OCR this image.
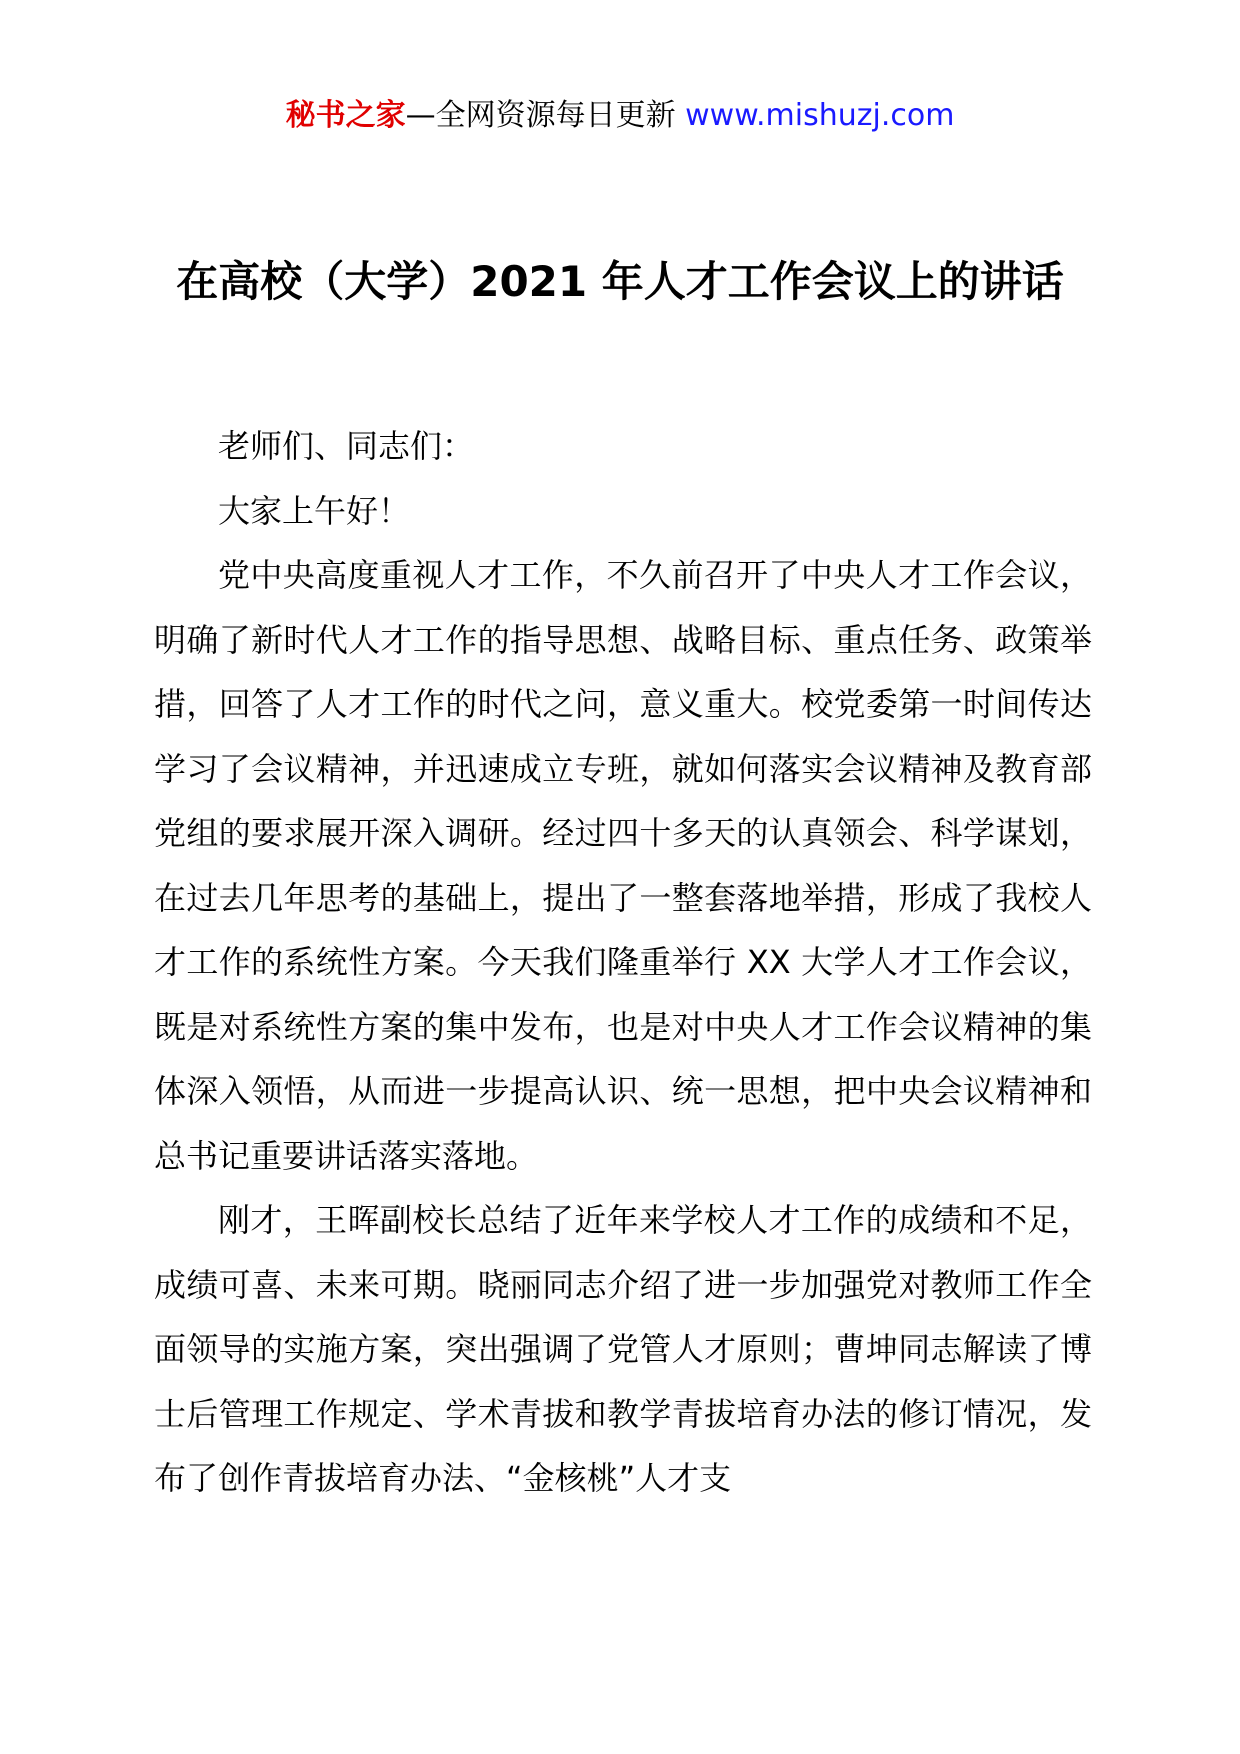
秘书之家—全网资源每日更新 www.mishuzj.com
在高校（大学）2021 年人才工作会议上的讲话

老师们、同志们：

大家上午好！

党中央高度重视人才工作，不久前召开了中央人才工作会议，明确了新时代人才工作的指导思想、战略目标、重点任务、政策举措，回答了人才工作的时代之问，意义重大。校党委第一时间传达学习了会议精神，并迅速成立专班，就如何落实会议精神及教育部党组的要求展开深入调研。经过四十多天的认真领会、科学谋划，在过去几年思考的基础上，提出了一整套落地举措，形成了我校人才工作的系统性方案。今天我们隆重举行 XX 大学人才工作会议，既是对系统性方案的集中发布，也是对中央人才工作会议精神的集体深入领悟，从而进一步提高认识、统一思想，把中央会议精神和总书记重要讲话落实落地。

刚才，王晖副校长总结了近年来学校人才工作的成绩和不足，成绩可喜、未来可期。晓丽同志介绍了进一步加强党对教师工作全面领导的实施方案，突出强调了党管人才原则；曹坤同志解读了博士后管理工作规定、学术青拔和教学青拔培育办法的修订情况，发布了创作青拔培育办法、“金核桃”人才支
